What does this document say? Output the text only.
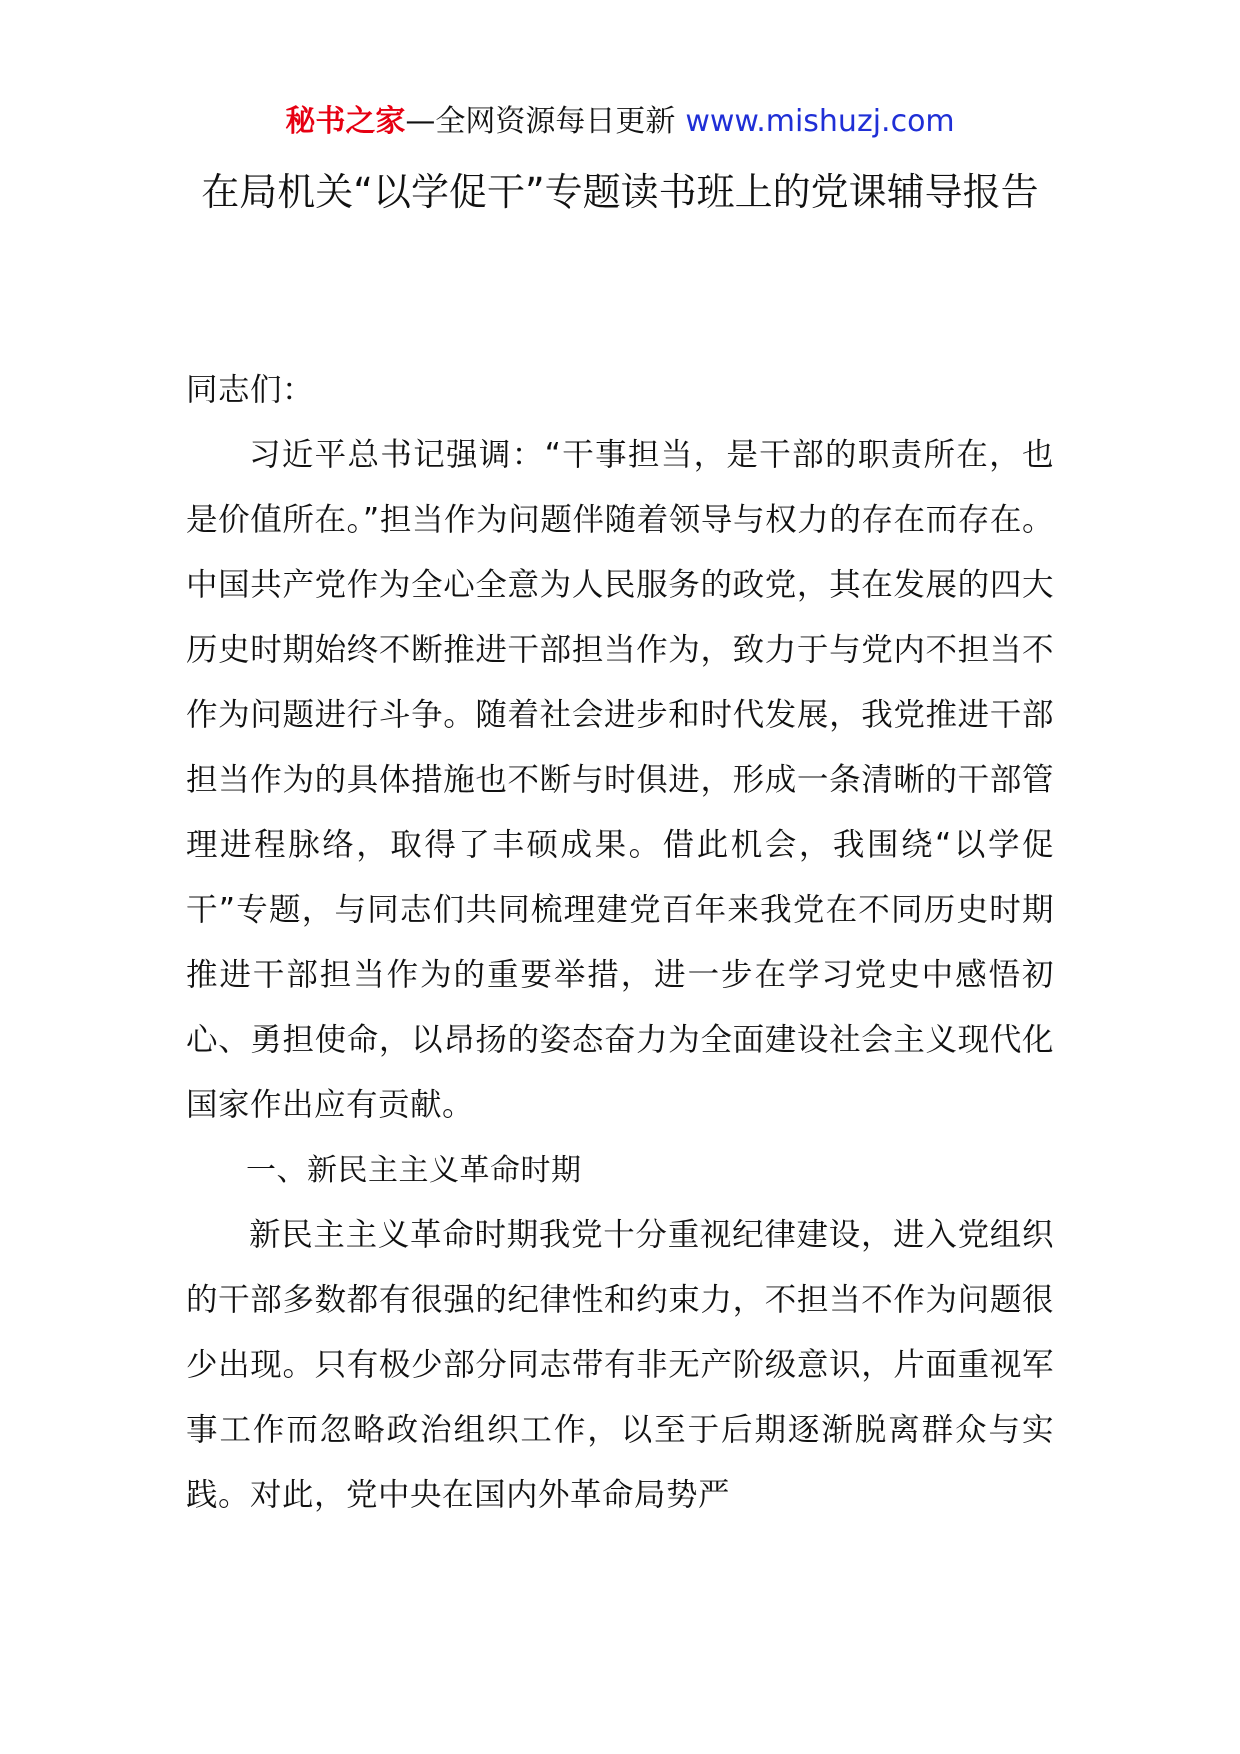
秘书之家—全网资源每日更新 www.mishuzj.com
在局机关“以学促干”专题读书班上的党课辅导报告

同志们：

习近平总书记强调：“干事担当，是干部的职责所在，也是价值所在。”担当作为问题伴随着领导与权力的存在而存在。中国共产党作为全心全意为人民服务的政党，其在发展的四大历史时期始终不断推进干部担当作为，致力于与党内不担当不作为问题进行斗争。随着社会进步和时代发展，我党推进干部担当作为的具体措施也不断与时俱进，形成一条清晰的干部管理进程脉络，取得了丰硕成果。借此机会，我围绕“以学促干”专题，与同志们共同梳理建党百年来我党在不同历史时期推进干部担当作为的重要举措，进一步在学习党史中感悟初心、勇担使命，以昂扬的姿态奋力为全面建设社会主义现代化国家作出应有贡献。

一、新民主主义革命时期

新民主主义革命时期我党十分重视纪律建设，进入党组织的干部多数都有很强的纪律性和约束力，不担当不作为问题很少出现。只有极少部分同志带有非无产阶级意识，片面重视军事工作而忽略政治组织工作，以至于后期逐渐脱离群众与实践。对此，党中央在国内外革命局势严
